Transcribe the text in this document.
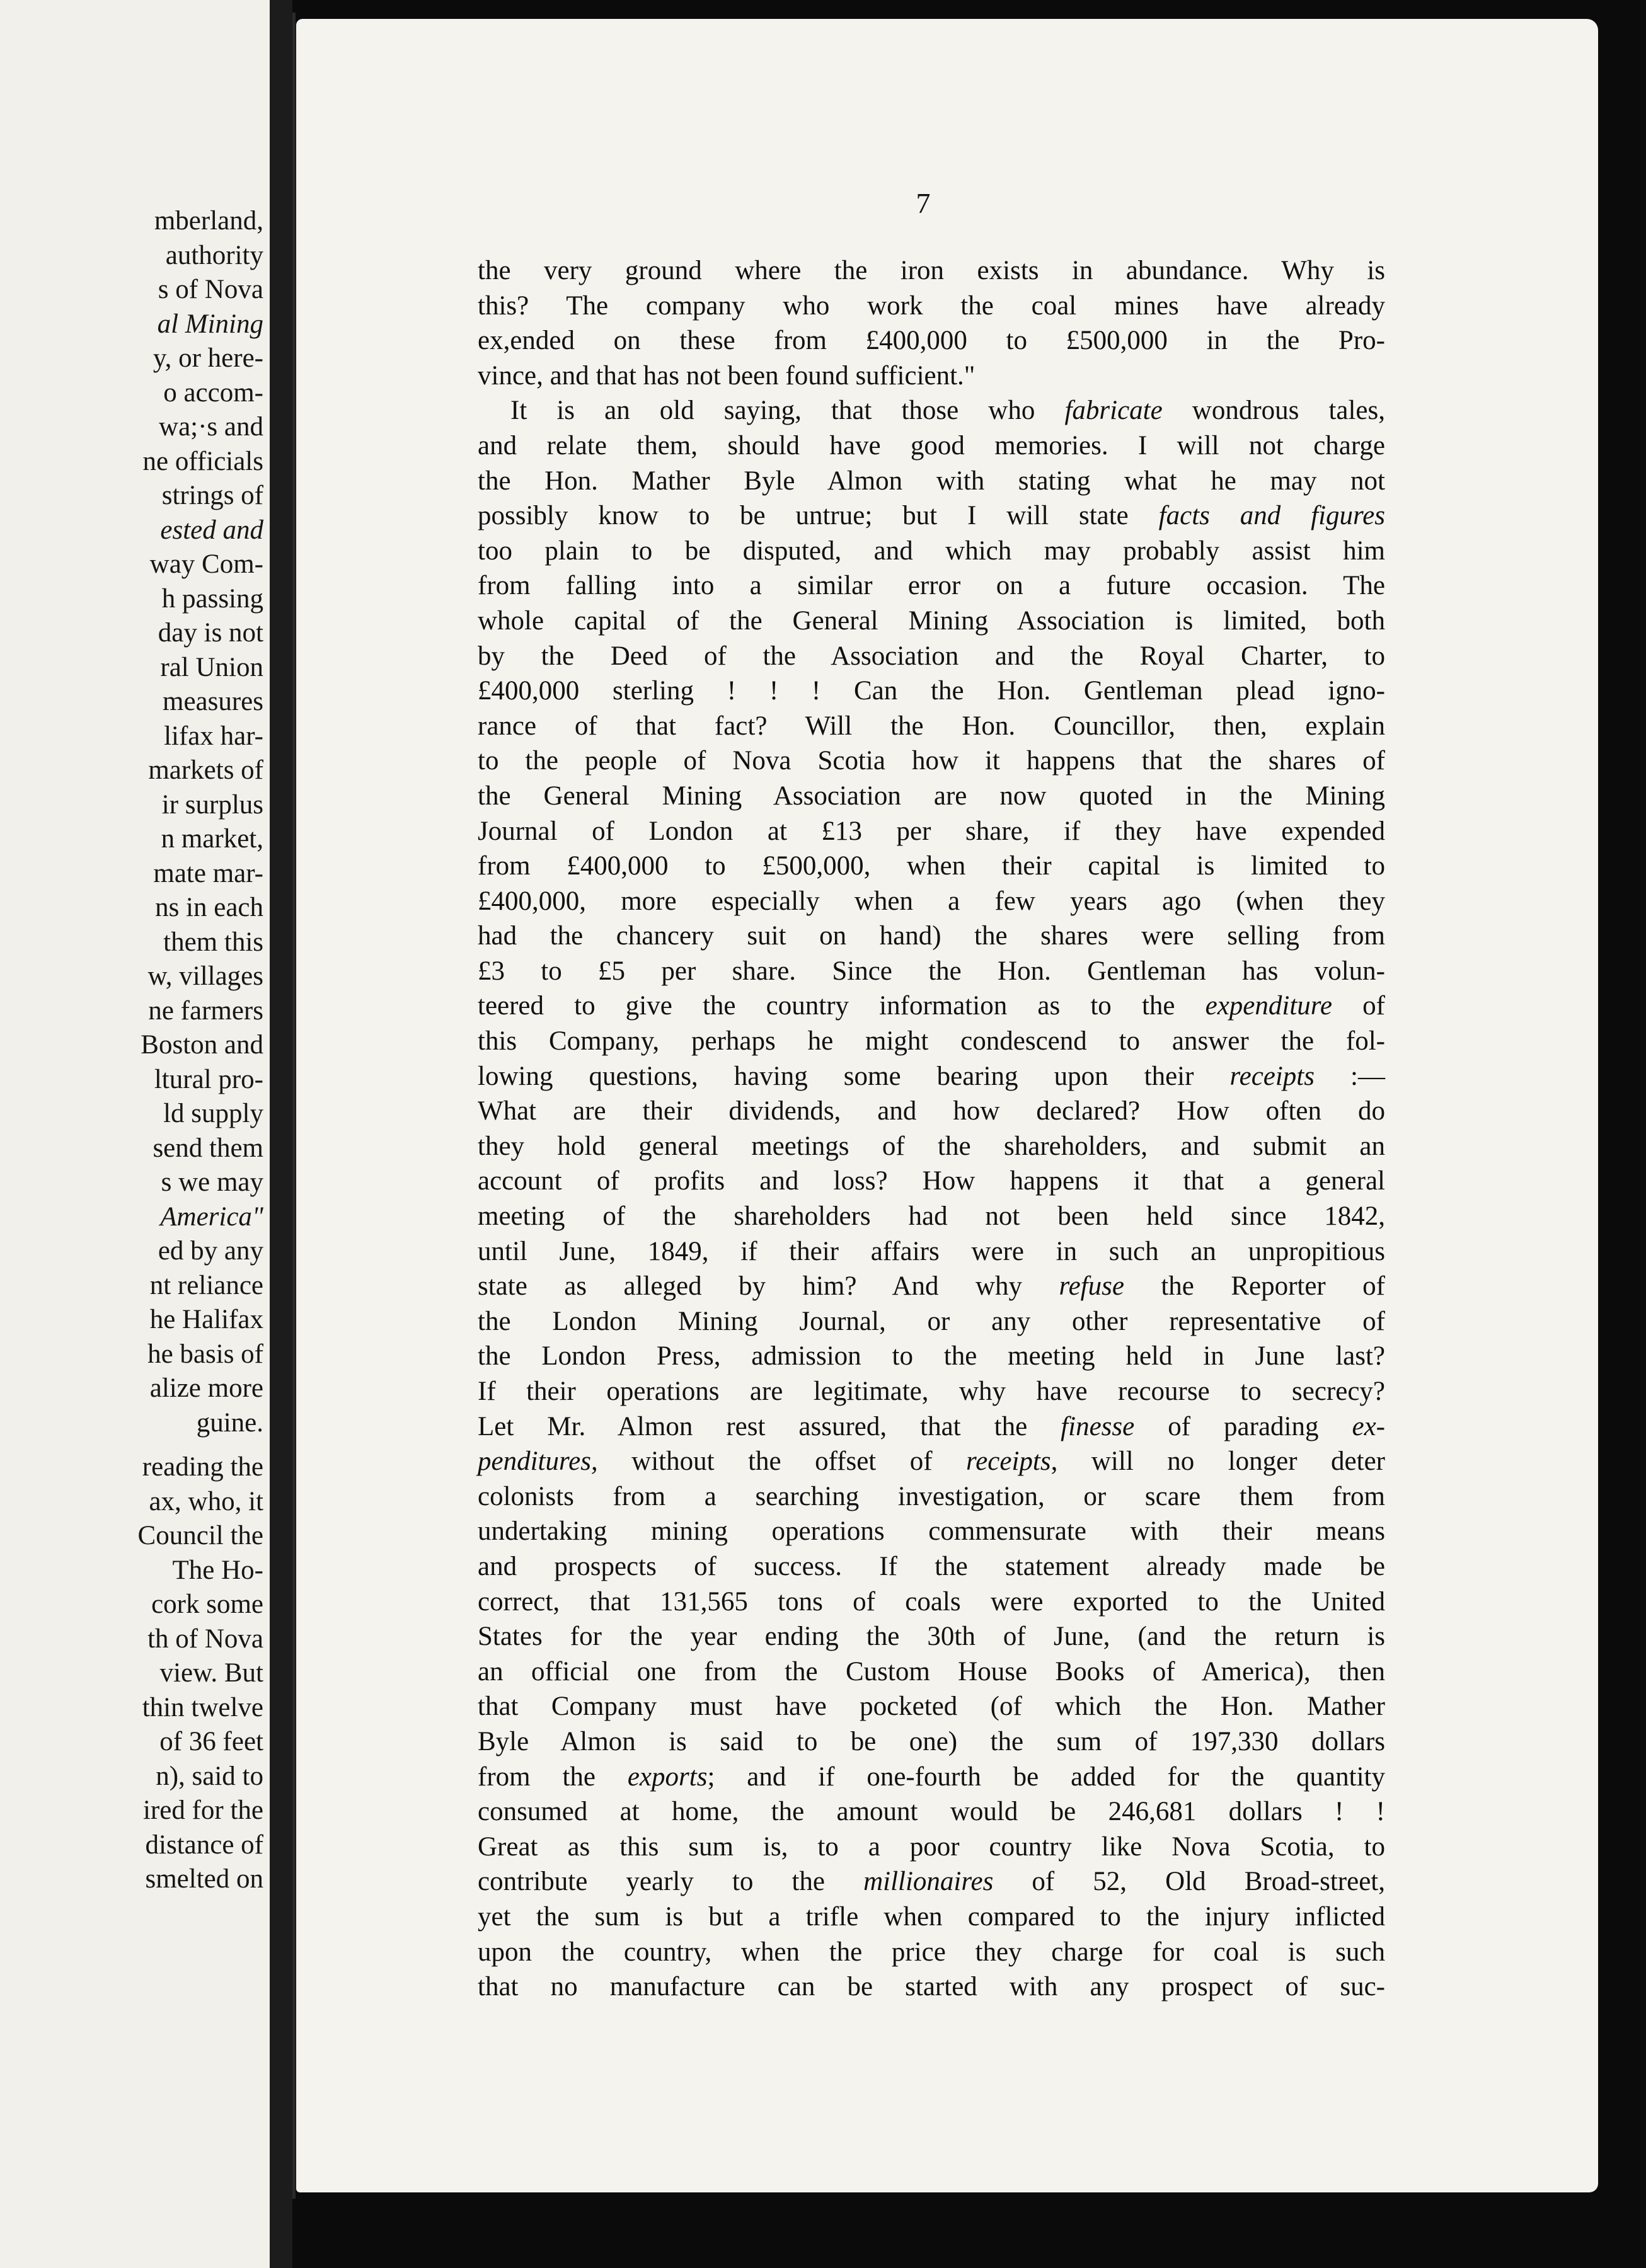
mberland,
authority
s of Nova
al Mining
y, or here-
o accom-
wa;·s and
ne officials
strings of
ested and
way Com-
h passing
day is not
ral Union
measures
lifax har-
markets of
ir surplus
n market,
mate mar-
ns in each
them this
w, villages
ne farmers
Boston and
ltural pro-
ld supply
send them
s we may
America"
ed by any
nt reliance
he Halifax
he basis of
alize more
guine.
reading the
ax, who, it
Council the
The Ho-
cork some
th of Nova
view. But
thin twelve
of 36 feet
n), said to
ired for the
distance of
smelted on
7
the very ground where the iron exists in abundance. Why is
this? The company who work the coal mines have already
ex,ended on these from £400,000 to £500,000 in the Pro-
vince, and that has not been found sufficient."
It is an old saying, that those who fabricate wondrous tales,
and relate them, should have good memories. I will not charge
the Hon. Mather Byle Almon with stating what he may not
possibly know to be untrue; but I will state facts and figures
too plain to be disputed, and which may probably assist him
from falling into a similar error on a future occasion. The
whole capital of the General Mining Association is limited, both
by the Deed of the Association and the Royal Charter, to
£400,000 sterling ! ! ! Can the Hon. Gentleman plead igno-
rance of that fact? Will the Hon. Councillor, then, explain
to the people of Nova Scotia how it happens that the shares of
the General Mining Association are now quoted in the Mining
Journal of London at £13 per share, if they have expended
from £400,000 to £500,000, when their capital is limited to
£400,000, more especially when a few years ago (when they
had the chancery suit on hand) the shares were selling from
£3 to £5 per share. Since the Hon. Gentleman has volun-
teered to give the country information as to the expenditure of
this Company, perhaps he might condescend to answer the fol-
lowing questions, having some bearing upon their receipts :—
What are their dividends, and how declared? How often do
they hold general meetings of the shareholders, and submit an
account of profits and loss? How happens it that a general
meeting of the shareholders had not been held since 1842,
until June, 1849, if their affairs were in such an unpropitious
state as alleged by him? And why refuse the Reporter of
the London Mining Journal, or any other representative of
the London Press, admission to the meeting held in June last?
If their operations are legitimate, why have recourse to secrecy?
Let Mr. Almon rest assured, that the finesse of parading ex-
penditures, without the offset of receipts, will no longer deter
colonists from a searching investigation, or scare them from
undertaking mining operations commensurate with their means
and prospects of success. If the statement already made be
correct, that 131,565 tons of coals were exported to the United
States for the year ending the 30th of June, (and the return is
an official one from the Custom House Books of America), then
that Company must have pocketed (of which the Hon. Mather
Byle Almon is said to be one) the sum of 197,330 dollars
from the exports; and if one-fourth be added for the quantity
consumed at home, the amount would be 246,681 dollars ! !
Great as this sum is, to a poor country like Nova Scotia, to
contribute yearly to the millionaires of 52, Old Broad-street,
yet the sum is but a trifle when compared to the injury inflicted
upon the country, when the price they charge for coal is such
that no manufacture can be started with any prospect of suc-
